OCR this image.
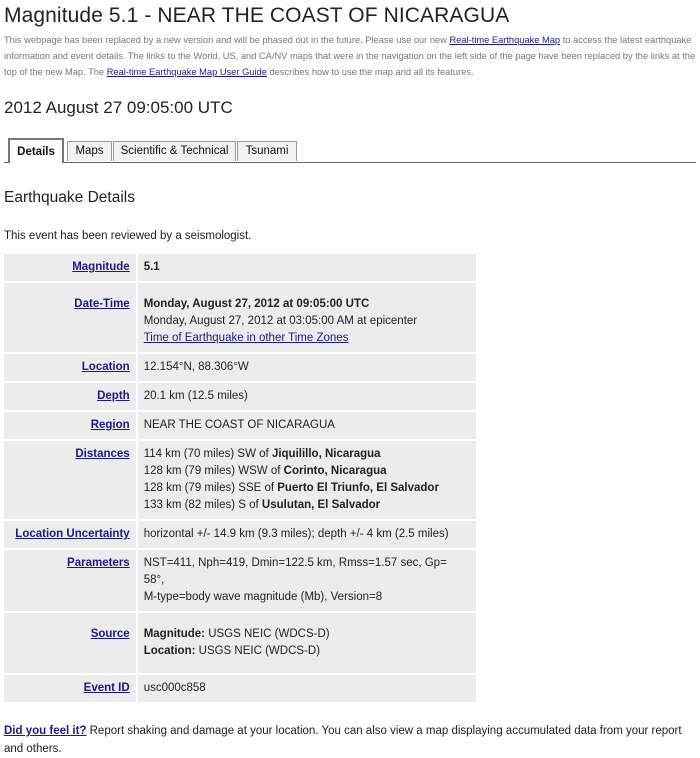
Magnitude 5.1 - NEAR THE COAST OF NICARAGUA
This webpage has been replaced by a new version and will be phased out in the future. Please use our new Real-time Earthquake Map to access the latest earthquake information and event details. The links to the World, US, and CA/NV maps that were in the navigation on the left side of the page have been replaced by the links at the top of the new Map. The Real-time Earthquake Map User Guide describes how to use the map and all its features.
2012 August 27 09:05:00 UTC
Details	Maps	Scientific & Technical	Tsunami
Earthquake Details
This event has been reviewed by a seismologist.
Magnitude	5.1
Date-Time	Monday, August 27, 2012 at 09:05:00 UTC
Monday, August 27, 2012 at 03:05:00 AM at epicenter
Time of Earthquake in other Time Zones
Location	12.154°N, 88.306°W
Depth	20.1 km (12.5 miles)
Region	NEAR THE COAST OF NICARAGUA
Distances	114 km (70 miles) SW of Jiquilillo, Nicaragua
128 km (79 miles) WSW of Corinto, Nicaragua
128 km (79 miles) SSE of Puerto El Triunfo, El Salvador
133 km (82 miles) S of Usulutan, El Salvador

Location Uncertainty	horizontal +/- 14.9 km (9.3 miles); depth +/- 4 km (2.5 miles)
Parameters	NST=411, Nph=419, Dmin=122.5 km, Rmss=1.57 sec, Gp= 58°,
M-type=body wave magnitude (Mb), Version=8

Source	Magnitude: USGS NEIC (WDCS-D)
Location: USGS NEIC (WDCS-D)

Event ID	usc000c858
Did you feel it? Report shaking and damage at your location. You can also view a map displaying accumulated data from your report and others.
